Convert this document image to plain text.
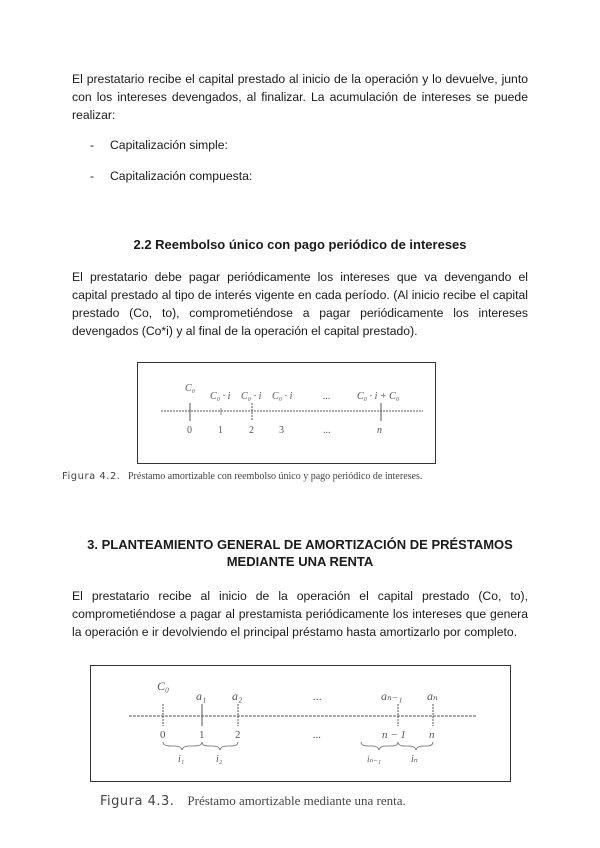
El prestatario recibe el capital prestado al inicio de la operación y lo devuelve, junto con los intereses devengados, al finalizar. La acumulación de intereses se puede realizar:

- Capitalización simple:
- Capitalización compuesta:
2.2 Reembolso único con pago periódico de intereses

El prestatario debe pagar periódicamente los intereses que va devengando el capital prestado al tipo de interés vigente en cada período. (Al inicio recibe el capital prestado (Co, to), comprometiéndose a pagar periódicamente los intereses devengados (Co*i) y al final de la operación el capital prestado).

C₀
C₀ · i C₀ · i C₀ · i	...	C₀ · i + C₀
0	1	2	3	...	n
Figura 4.2. Préstamo amortizable con reembolso único y pago periódico de intereses.
3. PLANTEAMIENTO GENERAL DE AMORTIZACIÓN DE PRÉSTAMOS
MEDIANTE UNA RENTA

El prestatario recibe al inicio de la operación el capital prestado (Co, to), comprometiéndose a pagar al prestamista periódicamente los intereses que genera la operación e ir devolviendo el principal préstamo hasta amortizarlo por completo.

C₀
a₁ a₂	...	aₙ₋₁ aₙ
0	1	2	...	n − 1 n
i₁	i₂	iₙ₋₁	iₙ
Figura 4.3. Préstamo amortizable mediante una renta.
